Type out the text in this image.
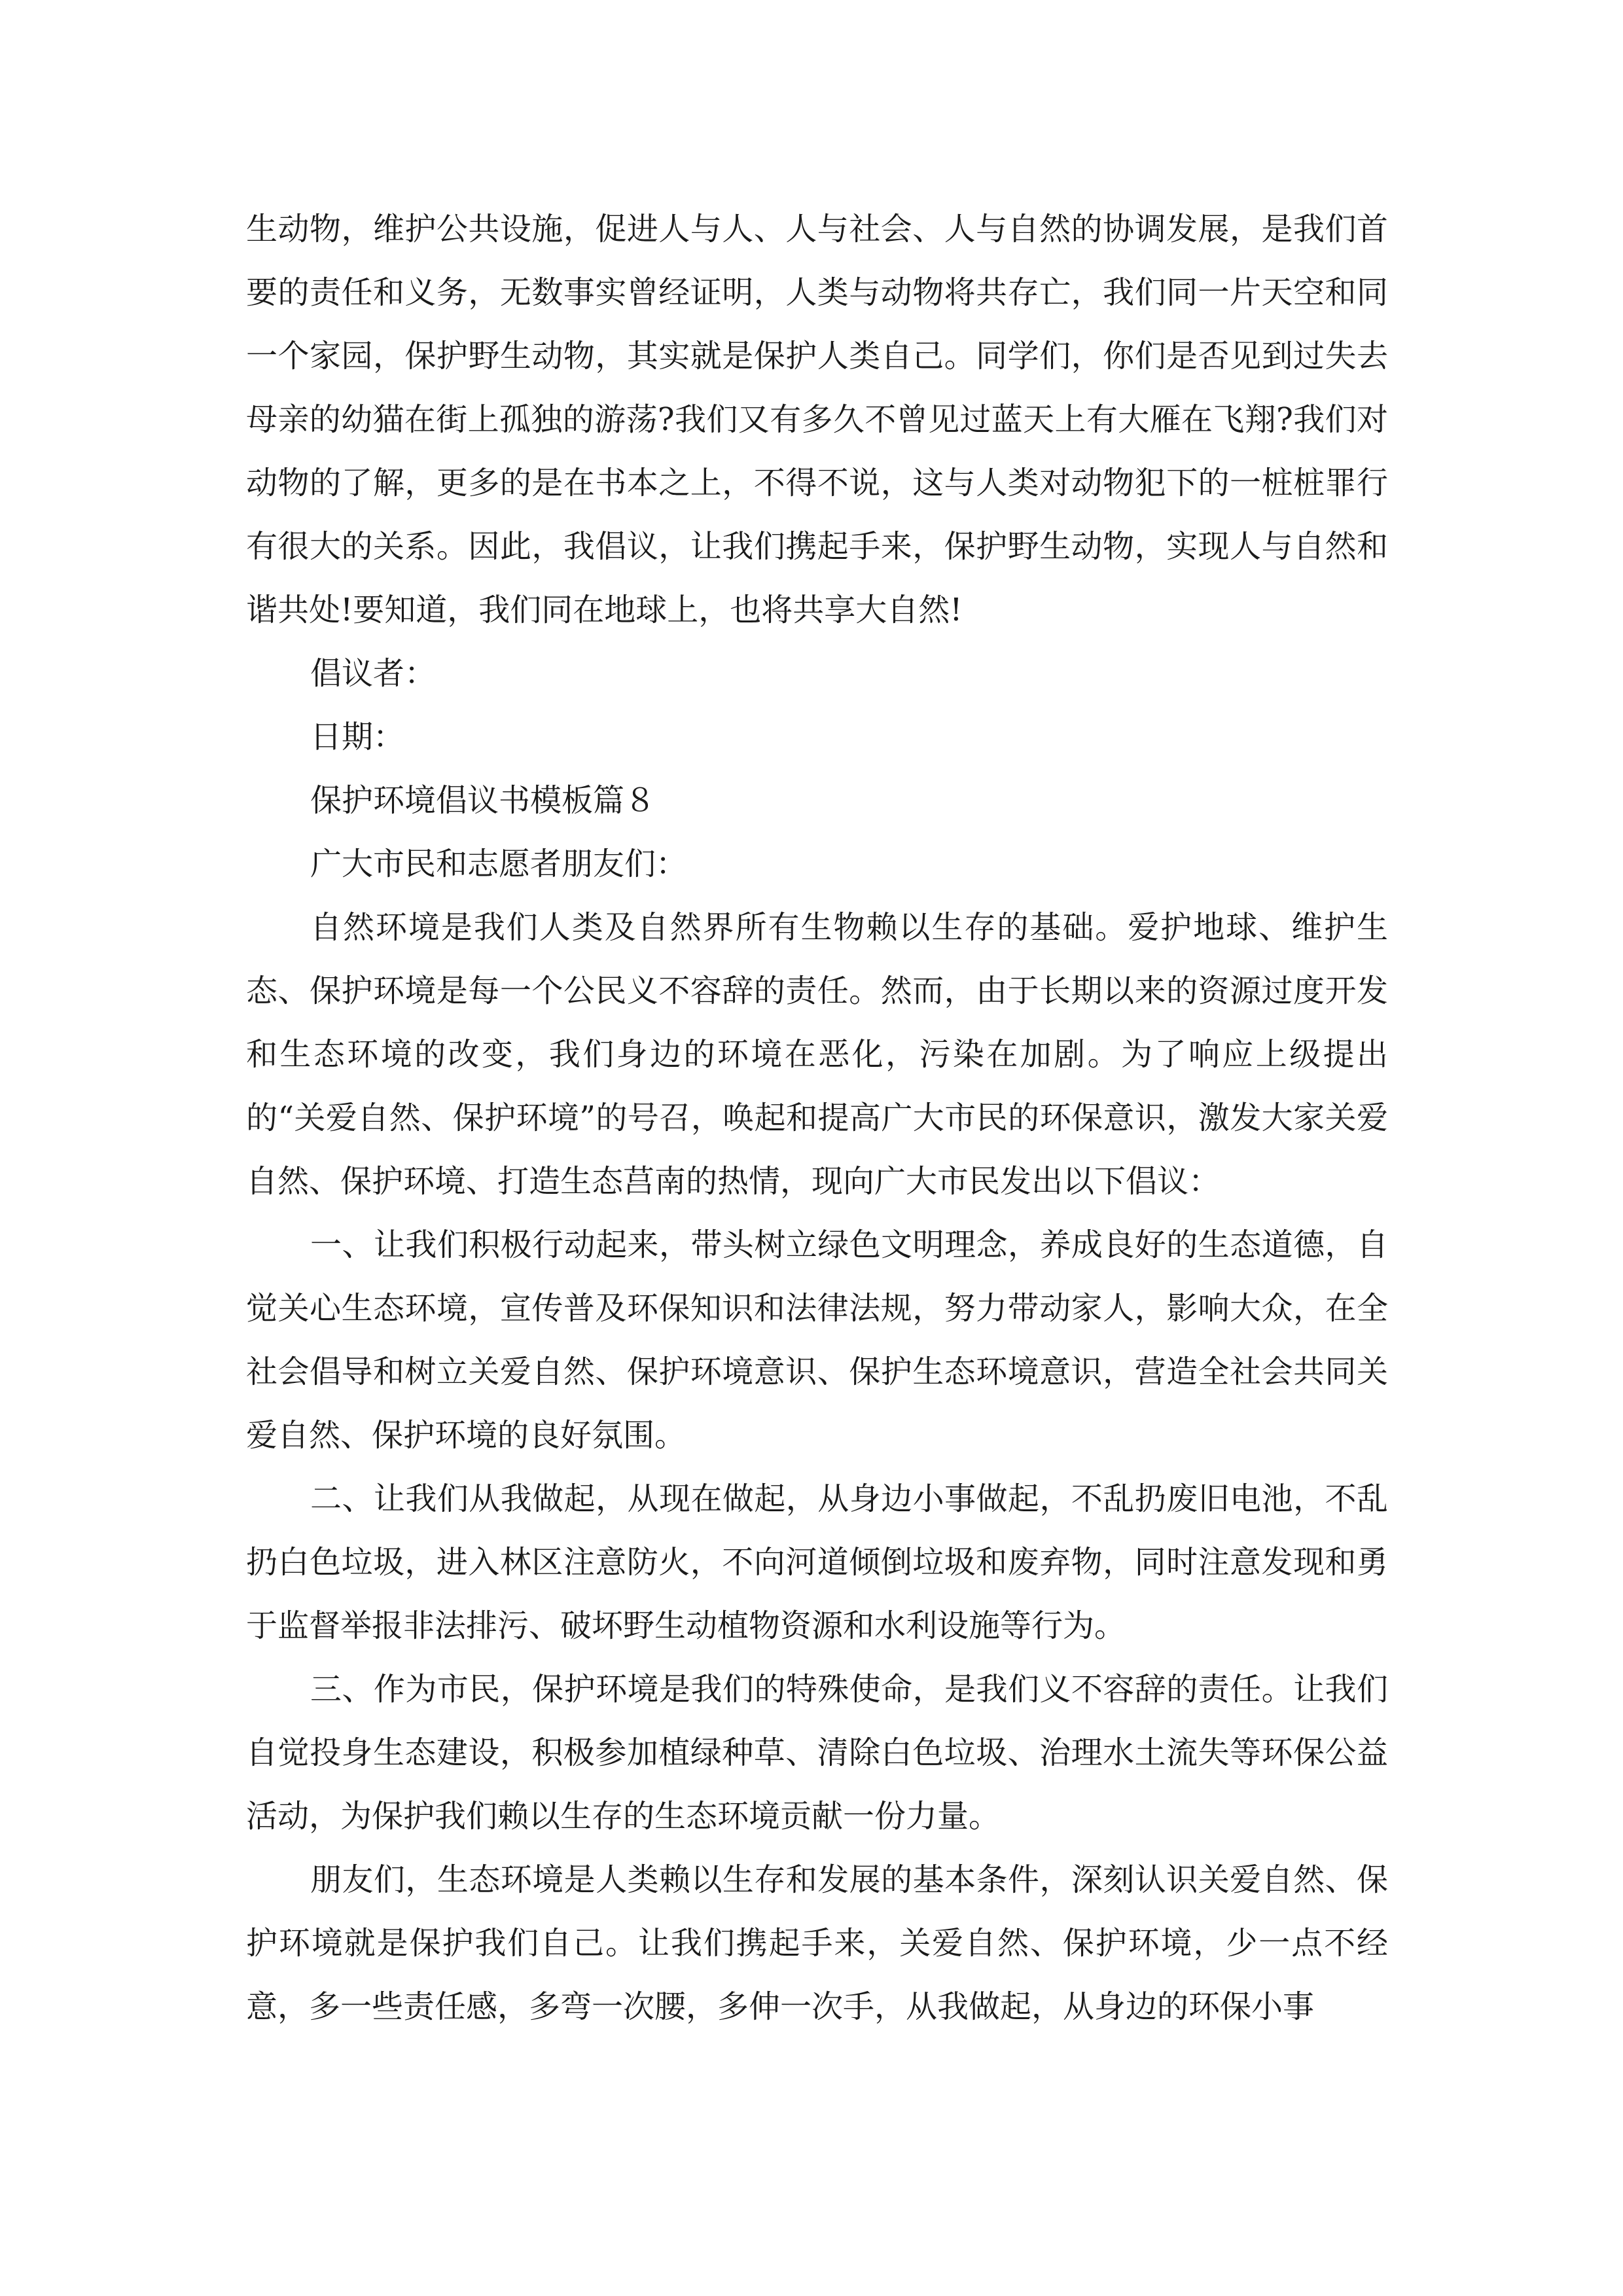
生动物，维护公共设施，促进人与人、人与社会、人与自然的协调发展，是我们首要的责任和义务，无数事实曾经证明，人类与动物将共存亡，我们同一片天空和同一个家园，保护野生动物，其实就是保护人类自己。同学们，你们是否见到过失去母亲的幼猫在街上孤独的游荡?我们又有多久不曾见过蓝天上有大雁在飞翔?我们对动物的了解，更多的是在书本之上，不得不说，这与人类对动物犯下的一桩桩罪行有很大的关系。因此，我倡议，让我们携起手来，保护野生动物，实现人与自然和谐共处!要知道，我们同在地球上，也将共享大自然!

倡议者：

日期：

保护环境倡议书模板篇８

广大市民和志愿者朋友们：

自然环境是我们人类及自然界所有生物赖以生存的基础。爱护地球、维护生态、保护环境是每一个公民义不容辞的责任。然而，由于长期以来的资源过度开发和生态环境的改变，我们身边的环境在恶化，污染在加剧。为了响应上级提出的“关爱自然、保护环境”的号召，唤起和提高广大市民的环保意识，激发大家关爱自然、保护环境、打造生态莒南的热情，现向广大市民发出以下倡议：

一、让我们积极行动起来，带头树立绿色文明理念，养成良好的生态道德，自觉关心生态环境，宣传普及环保知识和法律法规，努力带动家人，影响大众，在全社会倡导和树立关爱自然、保护环境意识、保护生态环境意识，营造全社会共同关爱自然、保护环境的良好氛围。

二、让我们从我做起，从现在做起，从身边小事做起，不乱扔废旧电池，不乱扔白色垃圾，进入林区注意防火，不向河道倾倒垃圾和废弃物，同时注意发现和勇于监督举报非法排污、破坏野生动植物资源和水利设施等行为。

三、作为市民，保护环境是我们的特殊使命，是我们义不容辞的责任。让我们自觉投身生态建设，积极参加植绿种草、清除白色垃圾、治理水土流失等环保公益活动，为保护我们赖以生存的生态环境贡献一份力量。

朋友们，生态环境是人类赖以生存和发展的基本条件，深刻认识关爱自然、保护环境就是保护我们自己。让我们携起手来，关爱自然、保护环境，少一点不经意，多一些责任感，多弯一次腰，多伸一次手，从我做起，从身边的环保小事
